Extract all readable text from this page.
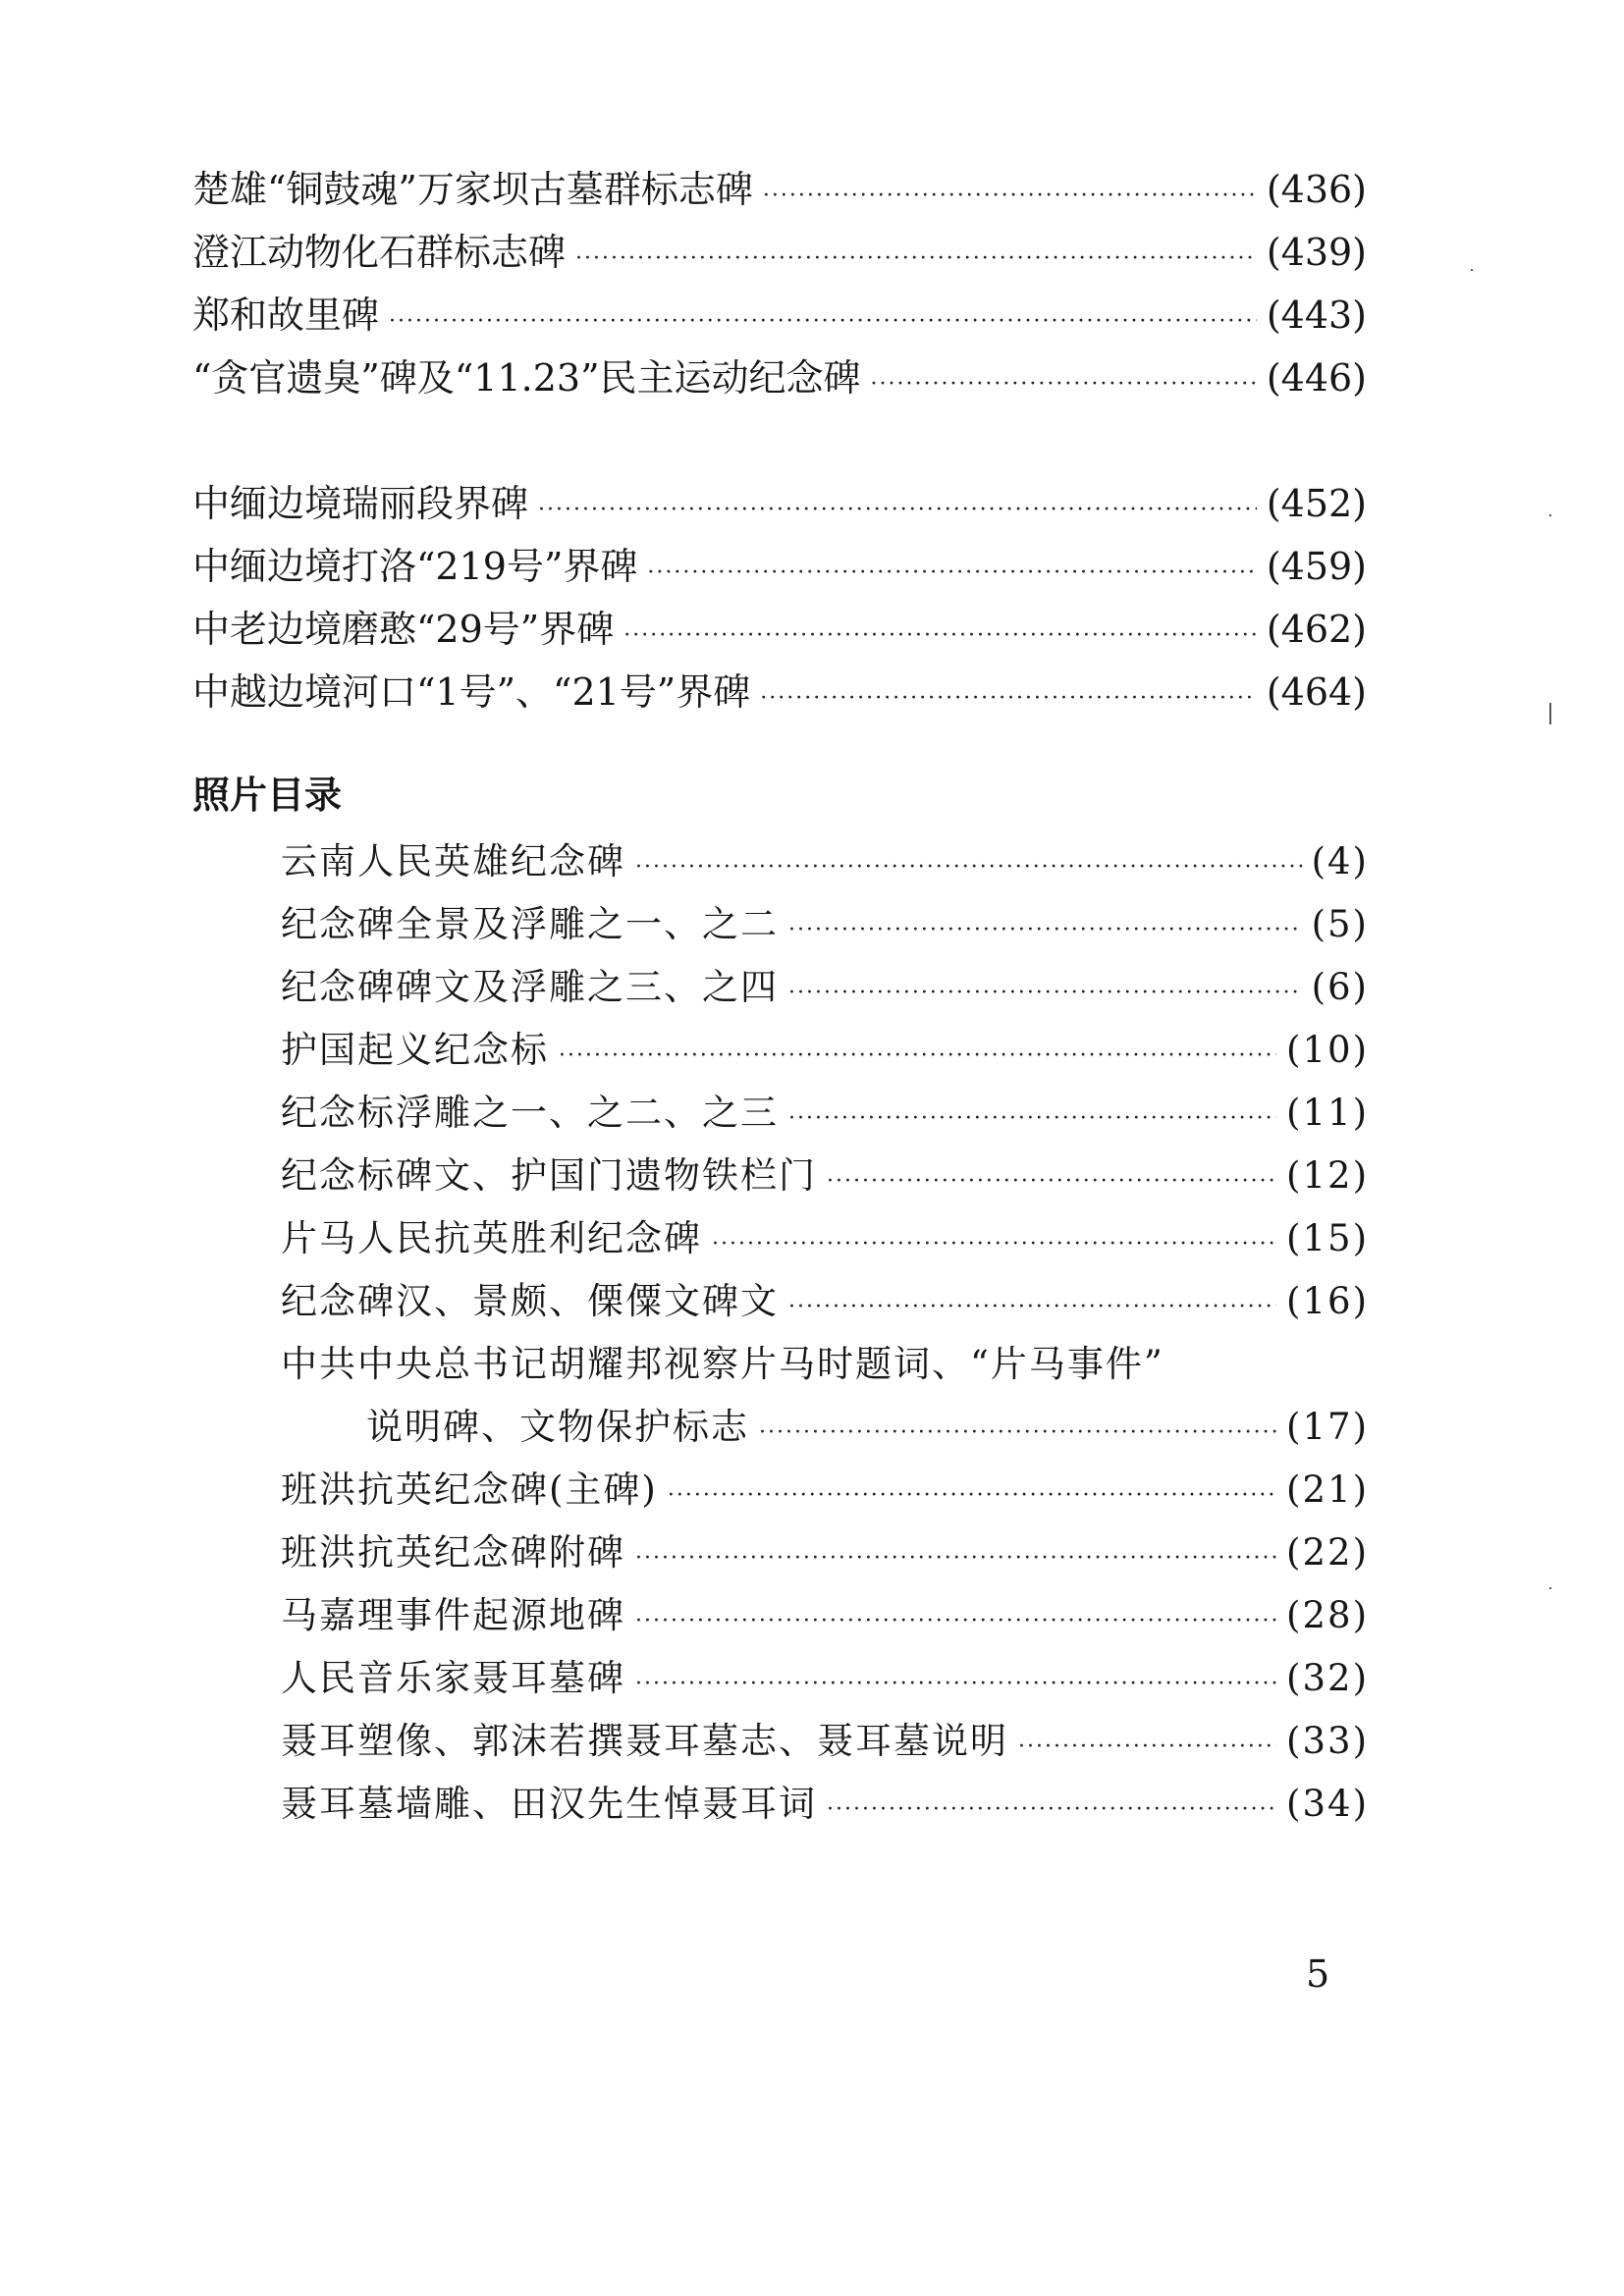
楚雄“铜鼓魂”万家坝古墓群标志碑 ·····	(436)
澄江动物化石群标志碑 ·····	(439)
郑和故里碑 ·····	(443)
“贪官遗臭”碑及“11.23”民主运动纪念碑 ·····	(446)
中缅边境瑞丽段界碑 ·····	(452)
中缅边境打洛“219号”界碑 ·····	(459)
中老边境磨憨“29号”界碑 ·····	(462)
中越边境河口“1号”、“21号”界碑 ·····	(464)
照片目录
云南人民英雄纪念碑 ·····	(4)
纪念碑全景及浮雕之一、之二 ·····	(5)
纪念碑碑文及浮雕之三、之四 ·····	(6)
护国起义纪念标 ·····	(10)
纪念标浮雕之一、之二、之三 ·····	(11)
纪念标碑文、护国门遗物铁栏门 ·····	(12)
片马人民抗英胜利纪念碑 ·····	(15)
纪念碑汉、景颇、傈僳文碑文 ·····	(16)
中共中央总书记胡耀邦视察片马时题词、“片马事件”
说明碑、文物保护标志 ·····	(17)
班洪抗英纪念碑(主碑) ·····	(21)
班洪抗英纪念碑附碑 ·····	(22)
马嘉理事件起源地碑 ·····	(28)
人民音乐家聂耳墓碑 ·····	(32)
聂耳塑像、郭沫若撰聂耳墓志、聂耳墓说明 ·····	(33)
聂耳墓墙雕、田汉先生悼聂耳词 ·····	(34)
5
